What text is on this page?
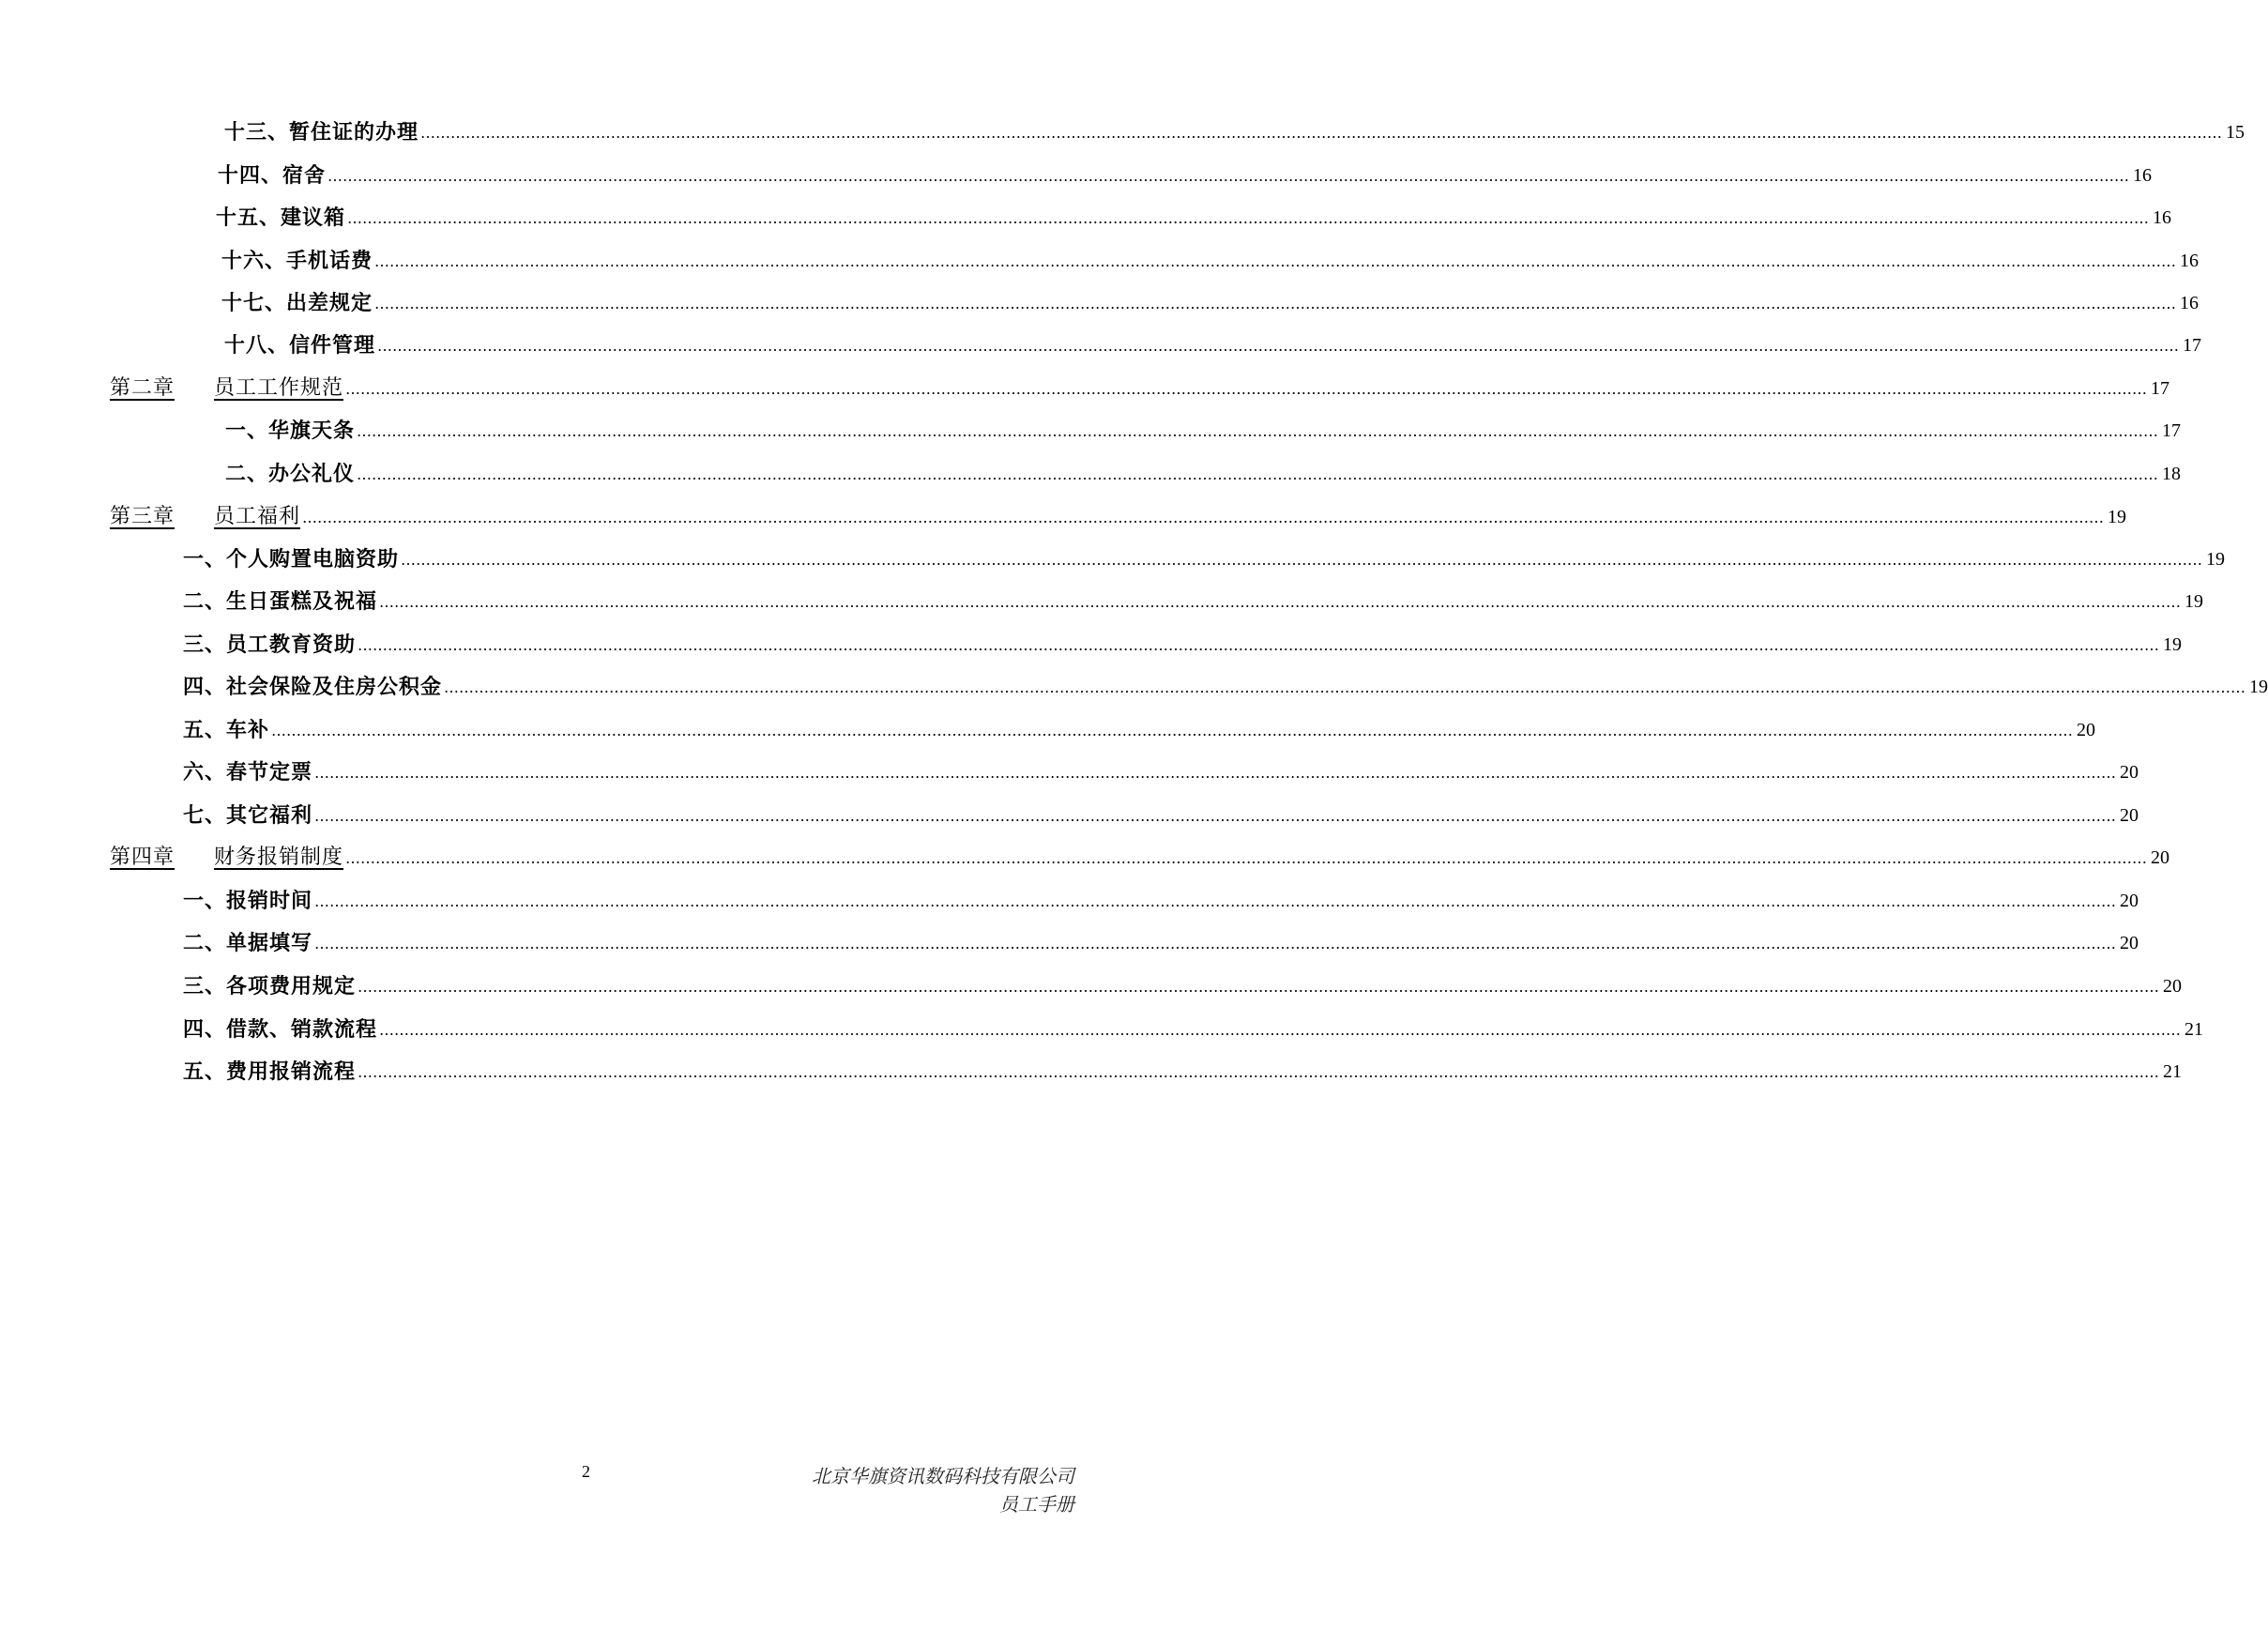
十三、暂住证的办理 ……………………………………………………………………………………………………………………………………………………………………………………………………………………………………………………………………………………………………………………………… 15
十四、宿舍 ……………………………………………………………………………………………………………………………………………………………………………………………………………………………………………………………………………………………………………………………… 16
十五、建议箱 ……………………………………………………………………………………………………………………………………………………………………………………………………………………………………………………………………………………………………………………………… 16
十六、手机话费 ……………………………………………………………………………………………………………………………………………………………………………………………………………………………………………………………………………………………………………………………… 16
十七、出差规定 ……………………………………………………………………………………………………………………………………………………………………………………………………………………………………………………………………………………………………………………………… 16
十八、信件管理 ……………………………………………………………………………………………………………………………………………………………………………………………………………………………………………………………………………………………………………………………… 17
第二章 员工工作规范 ……………………………………………………………………………………………………………………………………………………………………………………………………………………………………………………………………………………………………………………………… 17
一、华旗天条 ……………………………………………………………………………………………………………………………………………………………………………………………………………………………………………………………………………………………………………………………… 17
二、办公礼仪 ……………………………………………………………………………………………………………………………………………………………………………………………………………………………………………………………………………………………………………………………… 18
第三章 员工福利 ……………………………………………………………………………………………………………………………………………………………………………………………………………………………………………………………………………………………………………………………… 19
一、个人购置电脑资助 ……………………………………………………………………………………………………………………………………………………………………………………………………………………………………………………………………………………………………………………………… 19
二、生日蛋糕及祝福 ……………………………………………………………………………………………………………………………………………………………………………………………………………………………………………………………………………………………………………………………… 19
三、员工教育资助 ……………………………………………………………………………………………………………………………………………………………………………………………………………………………………………………………………………………………………………………………… 19
四、社会保险及住房公积金 ……………………………………………………………………………………………………………………………………………………………………………………………………………………………………………………………………………………………………………………………… 19
五、车补 ……………………………………………………………………………………………………………………………………………………………………………………………………………………………………………………………………………………………………………………………… 20
六、春节定票 ……………………………………………………………………………………………………………………………………………………………………………………………………………………………………………………………………………………………………………………………… 20
七、其它福利 ……………………………………………………………………………………………………………………………………………………………………………………………………………………………………………………………………………………………………………………………… 20
第四章 财务报销制度 ……………………………………………………………………………………………………………………………………………………………………………………………………………………………………………………………………………………………………………………………… 20
一、报销时间 ……………………………………………………………………………………………………………………………………………………………………………………………………………………………………………………………………………………………………………………………… 20
二、单据填写 ……………………………………………………………………………………………………………………………………………………………………………………………………………………………………………………………………………………………………………………………… 20
三、各项费用规定 ……………………………………………………………………………………………………………………………………………………………………………………………………………………………………………………………………………………………………………………………… 20
四、借款、销款流程 ……………………………………………………………………………………………………………………………………………………………………………………………………………………………………………………………………………………………………………………………… 21
五、费用报销流程 ……………………………………………………………………………………………………………………………………………………………………………………………………………………………………………………………………………………………………………………………… 21
2	北京华旗资讯数码科技有限公司
员工手册
